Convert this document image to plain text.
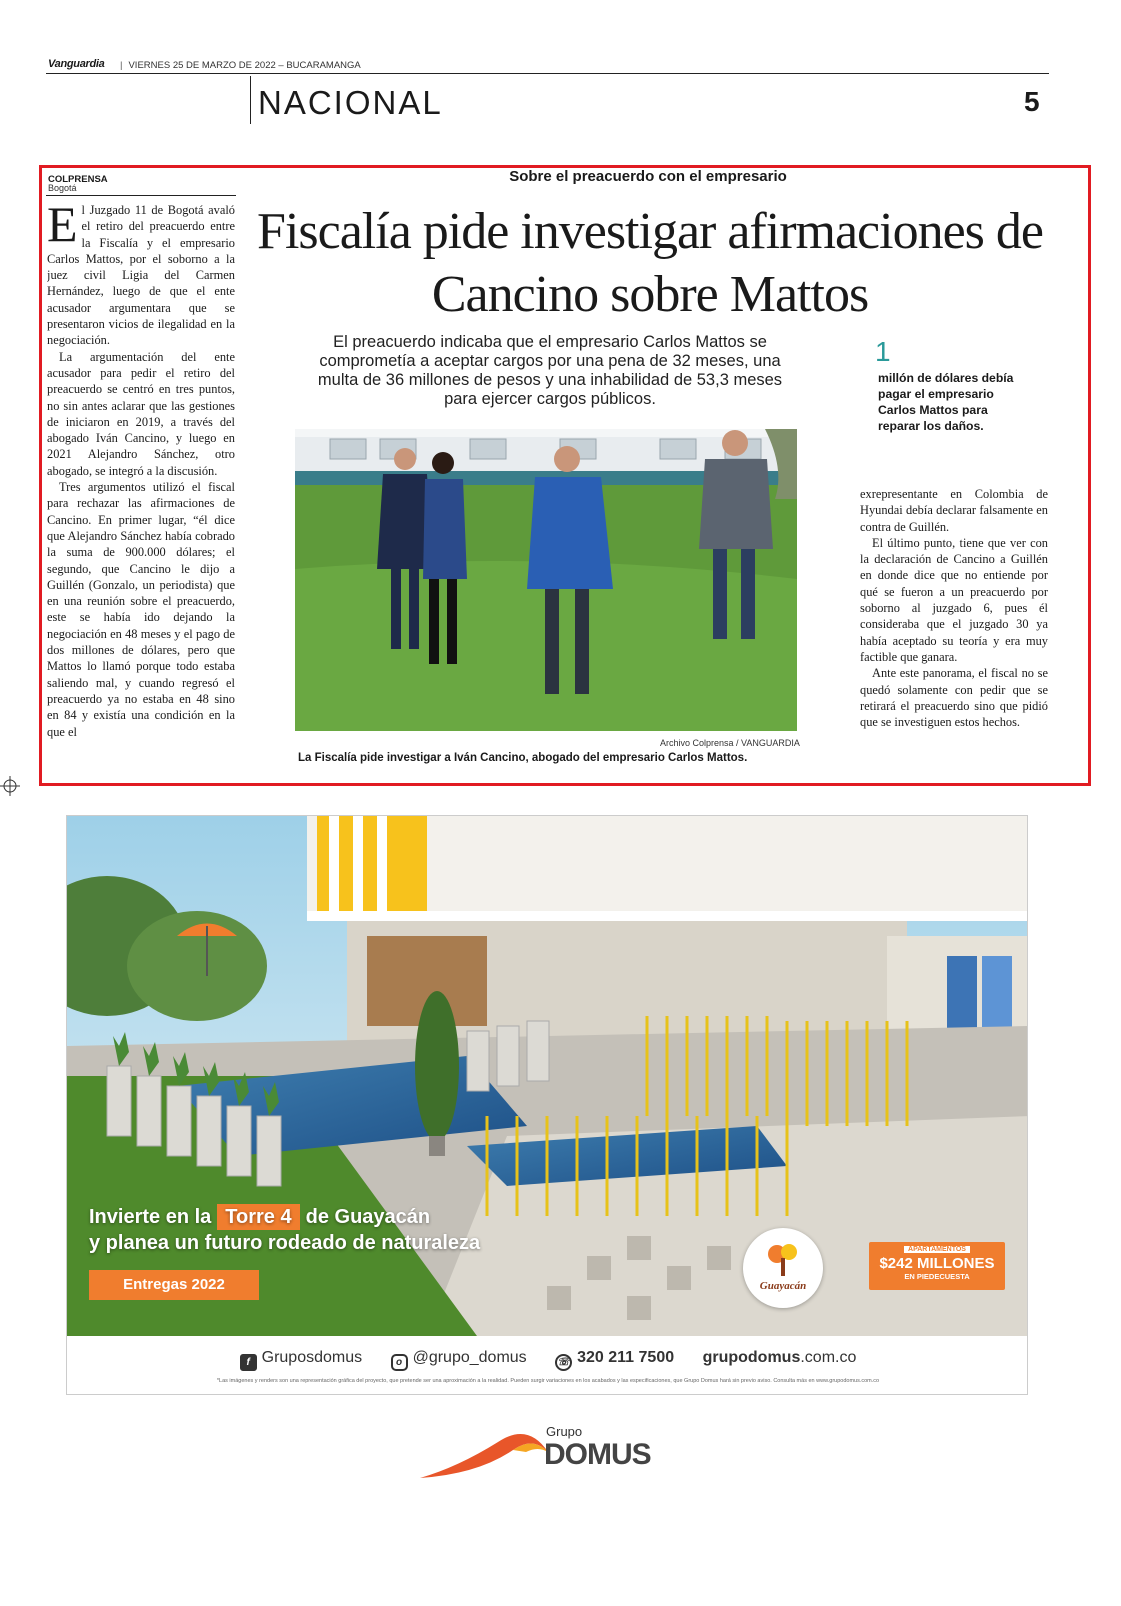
Vanguardia
|	VIERNES 25 DE MARZO DE 2022 – BUCARAMANGA
NACIONAL	5
COLPRENSA
Bogotá
Sobre el preacuerdo con el empresario
Fiscalía pide investigar afirmaciones de Cancino sobre Mattos
El preacuerdo indicaba que el empresario Carlos Mattos se comprometía a aceptar cargos por una pena de 32 meses, una multa de 36 millones de pesos y una inhabilidad de 53,3 meses para ejercer cargos públicos.

El Juzgado 11 de Bogotá avaló el retiro del preacuerdo entre la Fiscalía y el empresario Carlos Mattos, por el soborno a la juez civil Ligia del Carmen Hernández, luego de que el ente acusador argumentara que se presentaron vicios de ilegalidad en la negociación.

La argumentación del ente acusador para pedir el retiro del preacuerdo se centró en tres puntos, no sin antes aclarar que las gestiones de iniciaron en 2019, a través del abogado Iván Cancino, y luego en 2021 Alejandro Sánchez, otro abogado, se integró a la discusión.

Tres argumentos utilizó el fiscal para rechazar las afirmaciones de Cancino. En primer lugar, “él dice que Alejandro Sánchez había cobrado la suma de 900.000 dólares; el segundo, que Cancino le dijo a Guillén (Gonzalo, un periodista) que en una reunión sobre el preacuerdo, este se había ido dejando la negociación en 48 meses y el pago de dos millones de dólares, pero que Mattos lo llamó porque todo estaba saliendo mal, y cuando regresó el preacuerdo ya no estaba en 48 sino en 84 y existía una condición en la que el

1
millón de dólares debía pagar el empresario Carlos Mattos para reparar los daños.

exrepresentante en Colombia de Hyundai debía declarar falsamente en contra de Guillén.

El último punto, tiene que ver con la declaración de Cancino a Guillén en donde dice que no entiende por qué se fueron a un preacuerdo por soborno al juzgado 6, pues él consideraba que el juzgado 30 ya había aceptado su teoría y era muy factible que ganara.

Ante este panorama, el fiscal no se quedó solamente con pedir que se retirará el preacuerdo sino que pidió que se investiguen estos hechos.

Archivo Colprensa / VANGUARDIA
La Fiscalía pide investigar a Iván Cancino, abogado del empresario Carlos Mattos.
Invierte en la Torre 4 de Guayacán
y planea un futuro rodeado de naturaleza
Entregas 2022	Guayacán
APARTAMENTOS
$242 MILLONES
EN PIEDECUESTA
f Gruposdomus	o @grupo_domus	☏ 320 211 7500 grupodomus.com.co
*Las imágenes y renders son una representación gráfica del proyecto, que pretende ser una aproximación a la realidad. Pueden surgir variaciones en los acabados y las especificaciones, que Grupo Domus hará sin previo aviso. Consulta más en www.grupodomus.com.co
Grupo
DOMUS
